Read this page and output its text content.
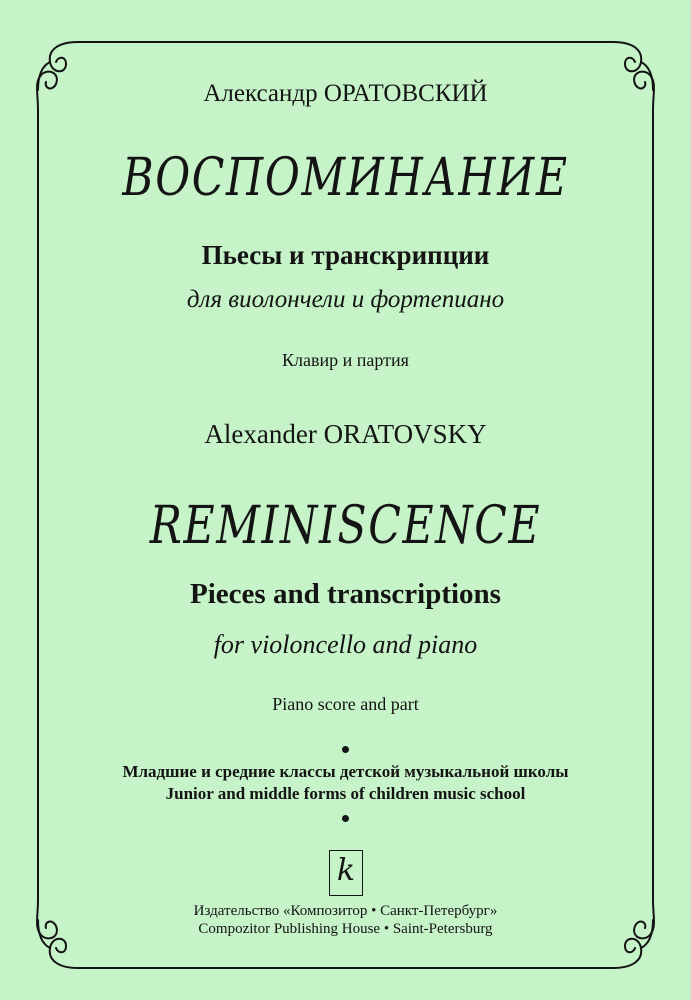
Александр ОРАТОВСКИЙ
ВОСПОМИНАНИЕ
Пьесы и транскрипции
для виолончели и фортепиано
Клавир и партия
Alexander ORATOVSKY
REMINISCENCE
Pieces and transcriptions
for violoncello and piano
Piano score and part
Младшие и средние классы детской музыкальной школы
Junior and middle forms of children music school
k
Издательство «Композитор • Санкт-Петербург»
Compozitor Publishing House • Saint-Petersburg
